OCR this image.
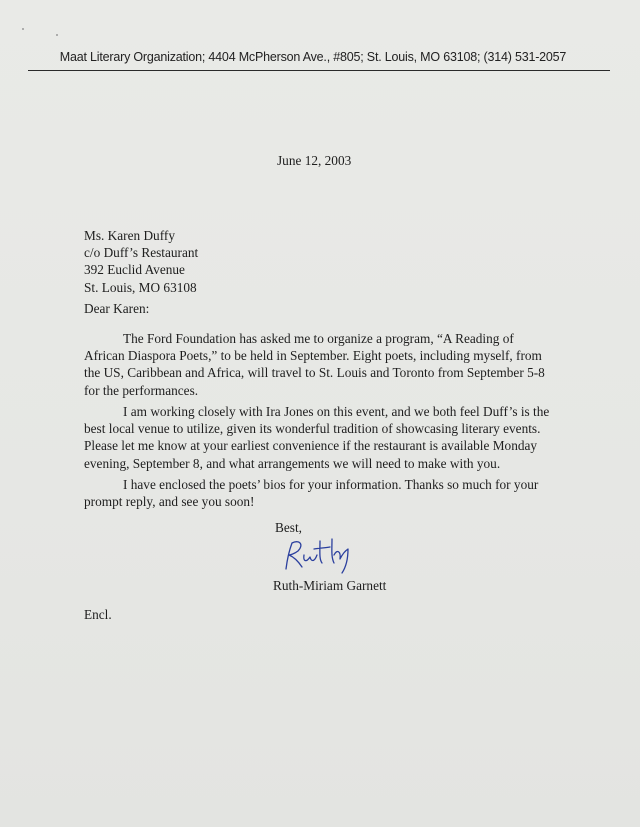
Maat Literary Organization; 4404 McPherson Ave., #805; St. Louis, MO 63108; (314) 531-2057
June 12, 2003
Ms. Karen Duffy
c/o Duff’s Restaurant
392 Euclid Avenue
St. Louis, MO 63108
Dear Karen:
The Ford Foundation has asked me to organize a program, “A Reading of
African Diaspora Poets,” to be held in September. Eight poets, including myself, from
the US, Caribbean and Africa, will travel to St. Louis and Toronto from September 5-8
for the performances.
I am working closely with Ira Jones on this event, and we both feel Duff’s is the
best local venue to utilize, given its wonderful tradition of showcasing literary events.
Please let me know at your earliest convenience if the restaurant is available Monday
evening, September 8, and what arrangements we will need to make with you.
I have enclosed the poets’ bios for your information. Thanks so much for your
prompt reply, and see you soon!
Best,
Ruth-Miriam Garnett
Encl.
